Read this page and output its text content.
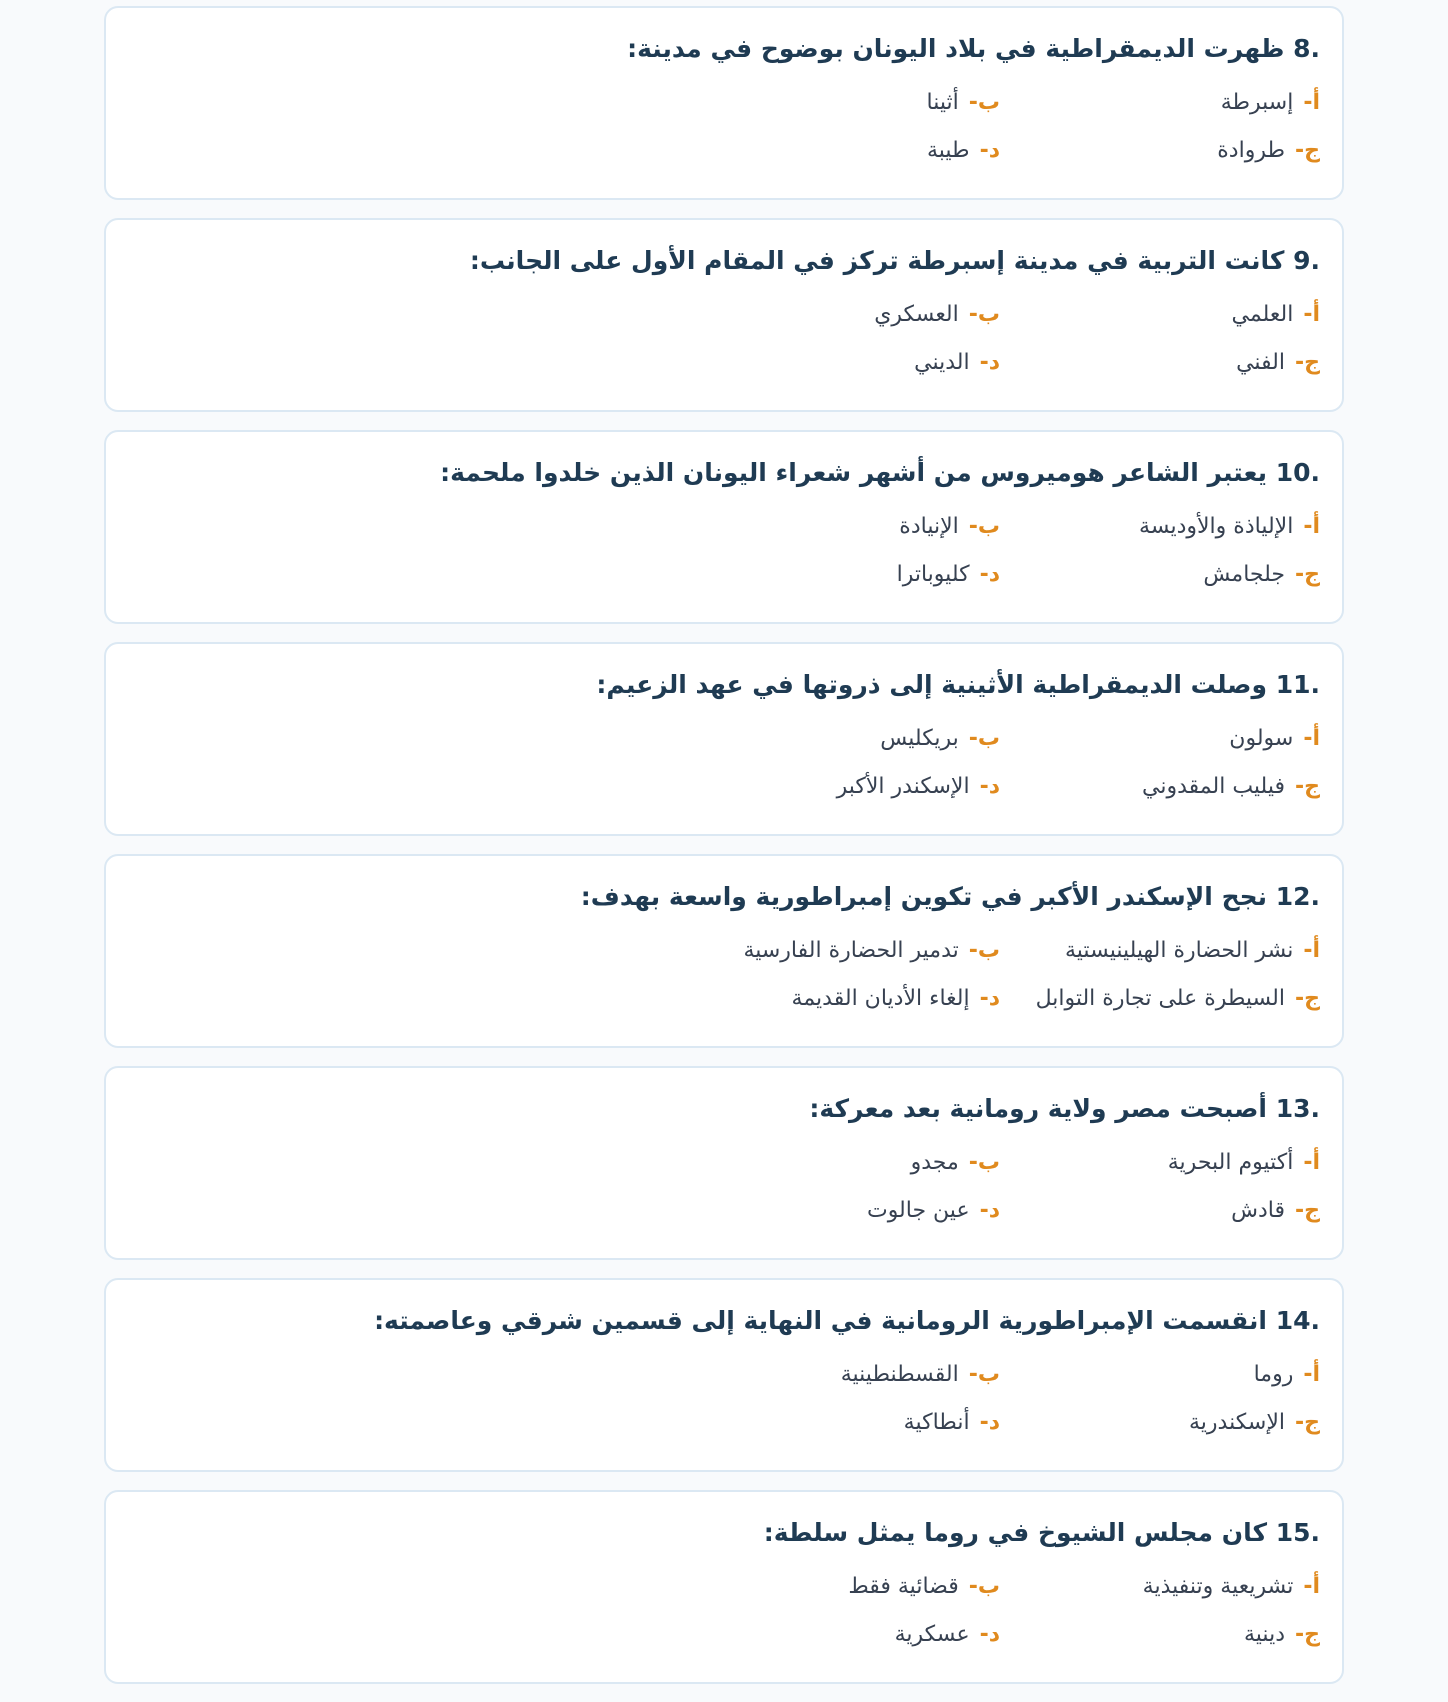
.8 ظهرت الديمقراطية في بلاد اليونان بوضوح في مدينة:
أ-
إسبرطة
ب-
أثينا
ج-
طروادة
د-
طيبة
.9 كانت التربية في مدينة إسبرطة تركز في المقام الأول على الجانب:
أ-
العلمي
ب-
العسكري
ج-
الفني
د-
الديني
.10 يعتبر الشاعر هوميروس من أشهر شعراء اليونان الذين خلدوا ملحمة:
أ-
الإلياذة والأوديسة
ب-
الإنيادة
ج-
جلجامش
د-
كليوباترا
.11 وصلت الديمقراطية الأثينية إلى ذروتها في عهد الزعيم:
أ-
سولون
ب-
بريكليس
ج-
فيليب المقدوني
د-
الإسكندر الأكبر
.12 نجح الإسكندر الأكبر في تكوين إمبراطورية واسعة بهدف:
أ-
نشر الحضارة الهيلينيستية
ب-
تدمير الحضارة الفارسية
ج-
السيطرة على تجارة التوابل
د-
إلغاء الأديان القديمة
.13 أصبحت مصر ولاية رومانية بعد معركة:
أ-
أكتيوم البحرية
ب-
مجدو
ج-
قادش
د-
عين جالوت
.14 انقسمت الإمبراطورية الرومانية في النهاية إلى قسمين شرقي وعاصمته:
أ-
روما
ب-
القسطنطينية
ج-
الإسكندرية
د-
أنطاكية
.15 كان مجلس الشيوخ في روما يمثل سلطة:
أ-
تشريعية وتنفيذية
ب-
قضائية فقط
ج-
دينية
د-
عسكرية
